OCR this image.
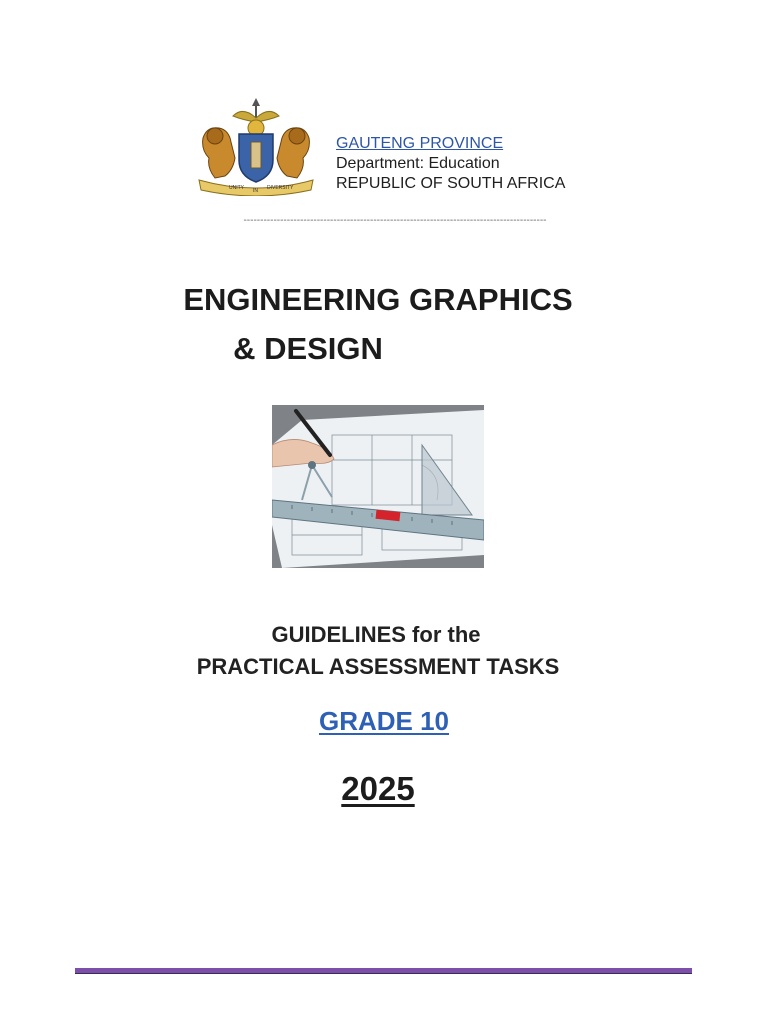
UNITY IN DIVERSITY
GAUTENG PROVINCE
Department: Education
REPUBLIC OF SOUTH AFRICA
-------------------------------------------------------------------------------------------
ENGINEERING GRAPHICS
& DESIGN
GUIDELINES for the
PRACTICAL ASSESSMENT TASKS
GRADE 10
2025
